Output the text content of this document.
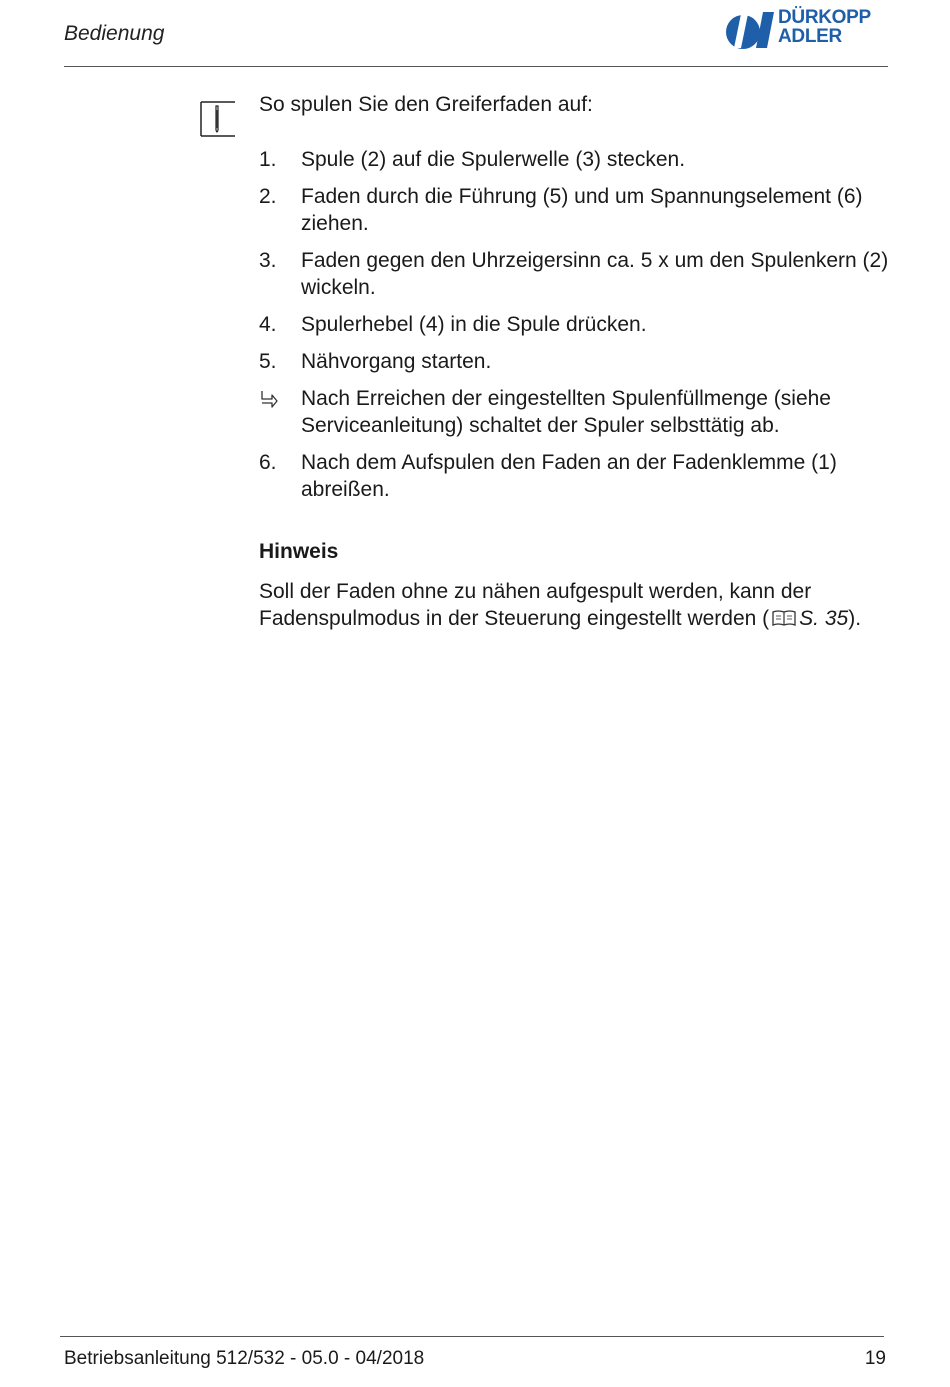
Bedienung
DÜRKOPP
ADLER
So spulen Sie den Greiferfaden auf:
1. Spule (2) auf die Spulerwelle (3) stecken.
2. Faden durch die Führung (5) und um Spannungselement (6) ziehen.
3. Faden gegen den Uhrzeigersinn ca. 5 x um den Spulenkern (2) wickeln.
4. Spulerhebel (4) in die Spule drücken.
5. Nähvorgang starten.
Nach Erreichen der eingestellten Spulenfüllmenge (siehe Serviceanleitung) schaltet der Spuler selbsttätig ab.
6. Nach dem Aufspulen den Faden an der Fadenklemme (1) abreißen.
Hinweis
Soll der Faden ohne zu nähen aufgespult werden, kann der Fadenspulmodus in der Steuerung eingestellt werden ( S. 35).
Betriebsanleitung 512/532 - 05.0 - 04/2018	19
